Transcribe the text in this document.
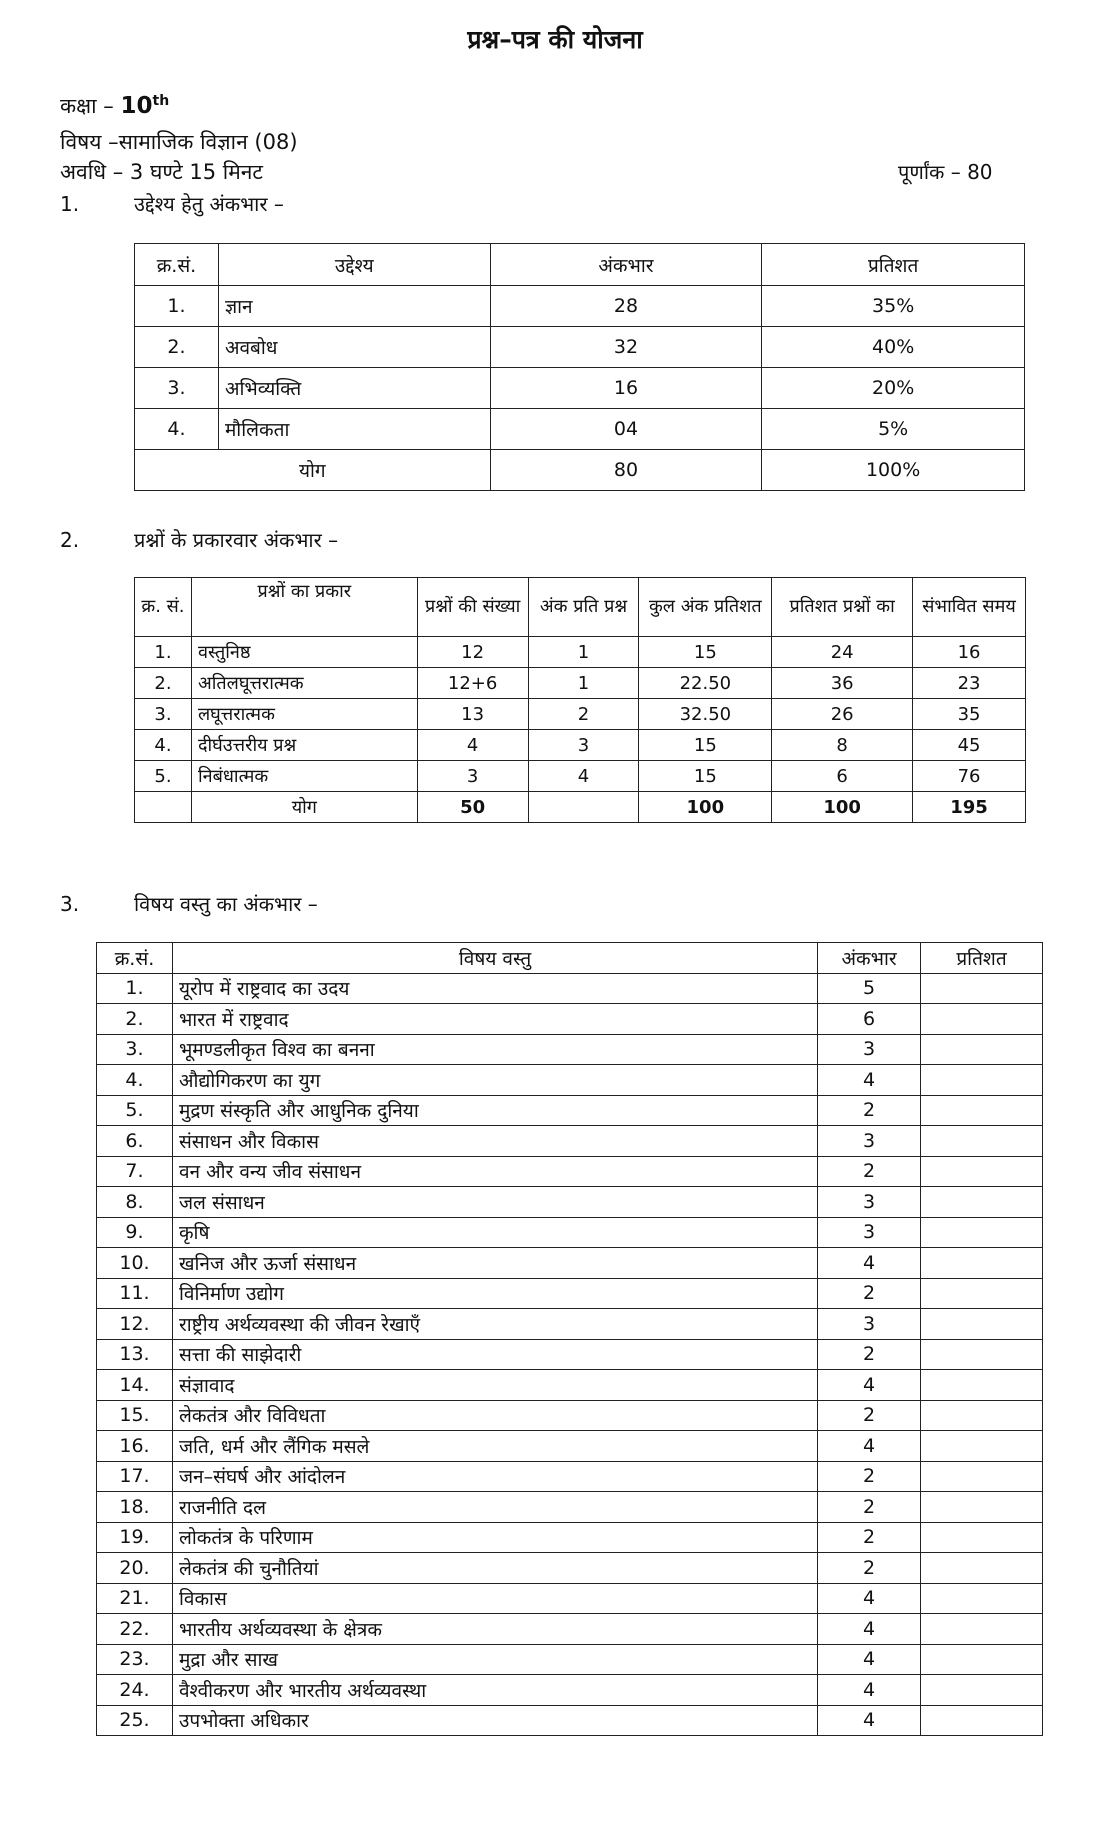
प्रश्न–पत्र की योजना
कक्षा – 10th
विषय –सामाजिक विज्ञान (08)
अवधि – 3 घण्टे 15 मिनट	पूर्णांक – 80
1.	उद्देश्य हेतु अंकभार –
क्र.सं.	उद्देश्य	अंकभार	प्रतिशत
1.	ज्ञान	28	35%
2.	अवबोध	32	40%
3.	अभिव्यक्ति	16	20%
4.	मौलिकता	04	5%
योग		80	100%
2.	प्रश्नों के प्रकारवार अंकभार –
क्र. सं.	प्रश्नों का प्रकार	प्रश्नों की संख्या	अंक प्रति प्रश्न	कुल अंक प्रतिशत	प्रतिशत प्रश्नों का	संभावित समय
1.	वस्तुनिष्ठ	12	1	15	24	16
2.	अतिलघूत्तरात्मक	12+6	1	22.50	36	23
3.	लघूत्तरात्मक	13	2	32.50	26	35
4.	दीर्घउत्तरीय प्रश्न	4	3	15	8	45
5.	निबंधात्मक	3	4	15	6	76
	योग	50		100	100	195
3.	विषय वस्तु का अंकभार –
क्र.सं.	विषय वस्तु	अंकभार	प्रतिशत
1.	यूरोप में राष्ट्रवाद का उदय	5	
2.	भारत में राष्ट्रवाद	6	
3.	भूमण्डलीकृत विश्व का बनना	3	
4.	औद्योगिकरण का युग	4	
5.	मुद्रण संस्कृति और आधुनिक दुनिया	2	
6.	संसाधन और विकास	3	
7.	वन और वन्य जीव संसाधन	2	
8.	जल संसाधन	3	
9.	कृषि	3	
10.	खनिज और ऊर्जा संसाधन	4	
11.	विनिर्माण उद्योग	2	
12.	राष्ट्रीय अर्थव्यवस्था की जीवन रेखाएँ	3	
13.	सत्ता की साझेदारी	2	
14.	संज्ञावाद	4	
15.	लेकतंत्र और विविधता	2	
16.	जति, धर्म और लैंगिक मसले	4	
17.	जन–संघर्ष और आंदोलन	2	
18.	राजनीति दल	2	
19.	लोकतंत्र के परिणाम	2	
20.	लेकतंत्र की चुनौतियां	2	
21.	विकास	4	
22.	भारतीय अर्थव्यवस्था के क्षेत्रक	4	
23.	मुद्रा और साख	4	
24.	वैश्वीकरण और भारतीय अर्थव्यवस्था	4	
25.	उपभोक्ता अधिकार	4	
